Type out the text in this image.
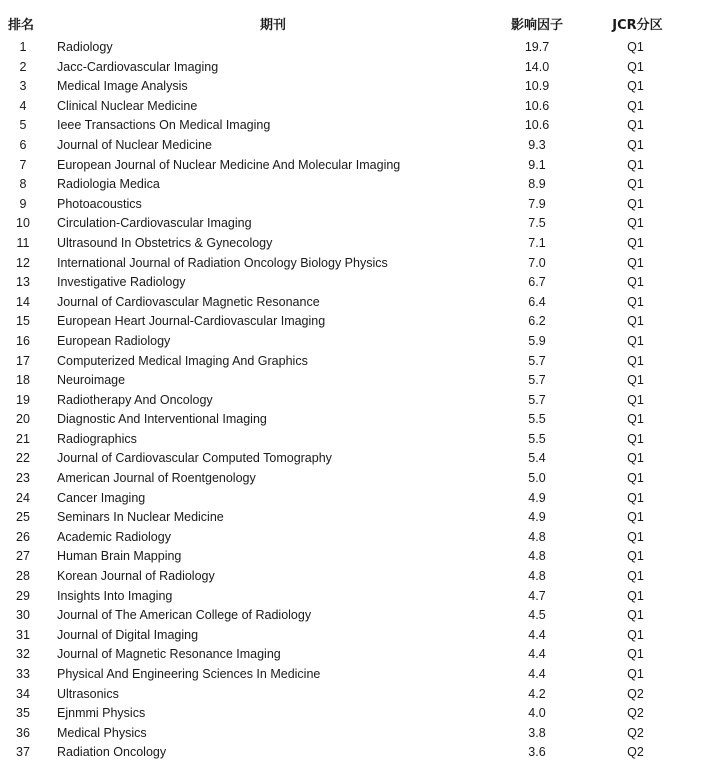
排名	期刊	影响因子	JCR分区
1	Radiology	19.7	Q1
2	Jacc-Cardiovascular Imaging	14.0	Q1
3	Medical Image Analysis	10.9	Q1
4	Clinical Nuclear Medicine	10.6	Q1
5	Ieee Transactions On Medical Imaging	10.6	Q1
6	Journal of Nuclear Medicine	9.3	Q1
7	European Journal of Nuclear Medicine And Molecular Imaging	9.1	Q1
8	Radiologia Medica	8.9	Q1
9	Photoacoustics	7.9	Q1
10	Circulation-Cardiovascular Imaging	7.5	Q1
11	Ultrasound In Obstetrics & Gynecology	7.1	Q1
12	International Journal of Radiation Oncology Biology Physics	7.0	Q1
13	Investigative Radiology	6.7	Q1
14	Journal of Cardiovascular Magnetic Resonance	6.4	Q1
15	European Heart Journal-Cardiovascular Imaging	6.2	Q1
16	European Radiology	5.9	Q1
17	Computerized Medical Imaging And Graphics	5.7	Q1
18	Neuroimage	5.7	Q1
19	Radiotherapy And Oncology	5.7	Q1
20	Diagnostic And Interventional Imaging	5.5	Q1
21	Radiographics	5.5	Q1
22	Journal of Cardiovascular Computed Tomography	5.4	Q1
23	American Journal of Roentgenology	5.0	Q1
24	Cancer Imaging	4.9	Q1
25	Seminars In Nuclear Medicine	4.9	Q1
26	Academic Radiology	4.8	Q1
27	Human Brain Mapping	4.8	Q1
28	Korean Journal of Radiology	4.8	Q1
29	Insights Into Imaging	4.7	Q1
30	Journal of The American College of Radiology	4.5	Q1
31	Journal of Digital Imaging	4.4	Q1
32	Journal of Magnetic Resonance Imaging	4.4	Q1
33	Physical And Engineering Sciences In Medicine	4.4	Q1
34	Ultrasonics	4.2	Q2
35	Ejnmmi Physics	4.0	Q2
36	Medical Physics	3.8	Q2
37	Radiation Oncology	3.6	Q2
